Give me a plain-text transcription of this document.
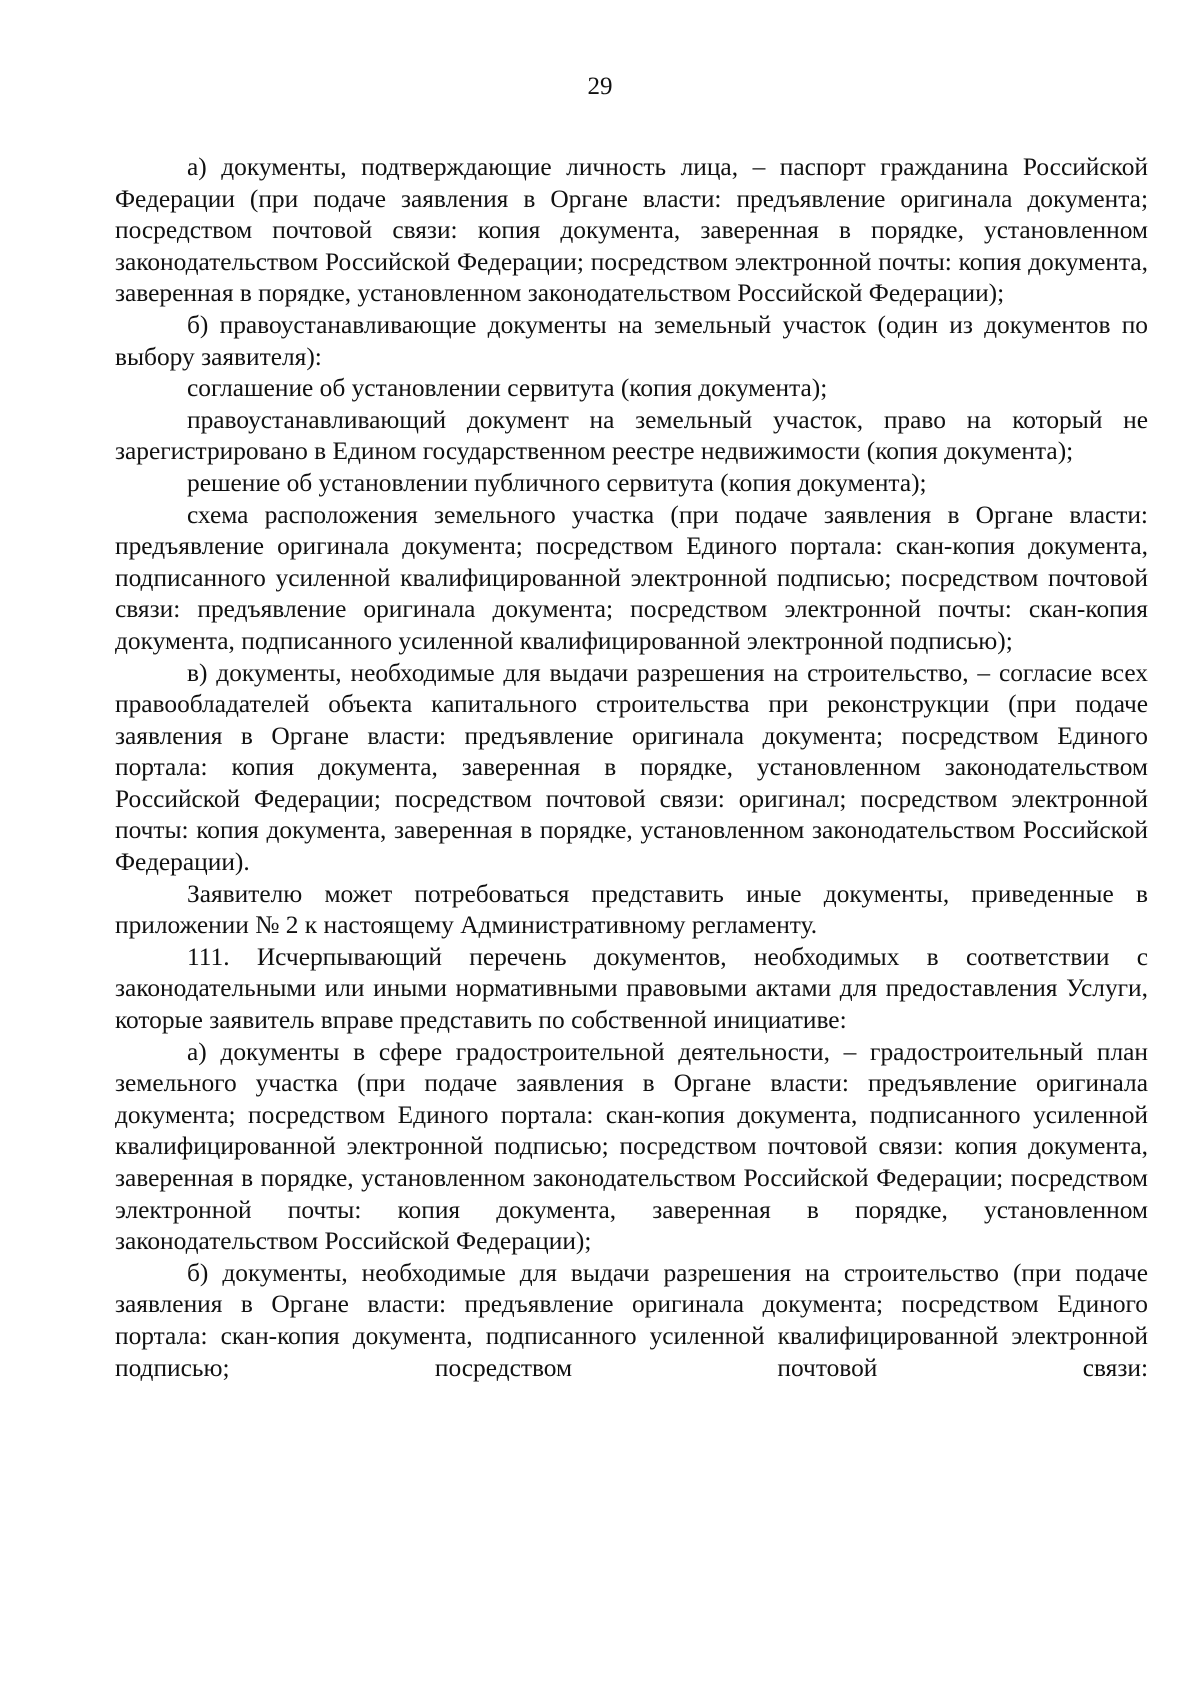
29

а) документы, подтверждающие личность лица, – паспорт гражданина Российской Федерации (при подаче заявления в Органе власти: предъявление оригинала документа; посредством почтовой связи: копия документа, заверенная в порядке, установленном законодательством Российской Федерации; посредством электронной почты: копия документа, заверенная в порядке, установленном законодательством Российской Федерации);

б) правоустанавливающие документы на земельный участок (один из документов по выбору заявителя):

соглашение об установлении сервитута (копия документа);

правоустанавливающий документ на земельный участок, право на который не зарегистрировано в Едином государственном реестре недвижимости (копия документа);

решение об установлении публичного сервитута (копия документа);

схема расположения земельного участка (при подаче заявления в Органе власти: предъявление оригинала документа; посредством Единого портала: скан-копия документа, подписанного усиленной квалифицированной электронной подписью; посредством почтовой связи: предъявление оригинала документа; посредством электронной почты: скан-копия документа, подписанного усиленной квалифицированной электронной подписью);

в) документы, необходимые для выдачи разрешения на строительство, – согласие всех правообладателей объекта капитального строительства при реконструкции (при подаче заявления в Органе власти: предъявление оригинала документа; посредством Единого портала: копия документа, заверенная в порядке, установленном законодательством Российской Федерации; посредством почтовой связи: оригинал; посредством электронной почты: копия документа, заверенная в порядке, установленном законодательством Российской Федерации).

Заявителю может потребоваться представить иные документы, приведенные в приложении № 2 к настоящему Административному регламенту.

111. Исчерпывающий перечень документов, необходимых в соответствии с законодательными или иными нормативными правовыми актами для предоставления Услуги, которые заявитель вправе представить по собственной инициативе:

а) документы в сфере градостроительной деятельности, – градостроительный план земельного участка (при подаче заявления в Органе власти: предъявление оригинала документа; посредством Единого портала: скан-копия документа, подписанного усиленной квалифицированной электронной подписью; посредством почтовой связи: копия документа, заверенная в порядке, установленном законодательством Российской Федерации; посредством электронной почты: копия документа, заверенная в порядке, установленном законодательством Российской Федерации);

б) документы, необходимые для выдачи разрешения на строительство (при подаче заявления в Органе власти: предъявление оригинала документа; посредством Единого портала: скан-копия документа, подписанного усиленной квалифицированной электронной подписью; посредством почтовой связи:
